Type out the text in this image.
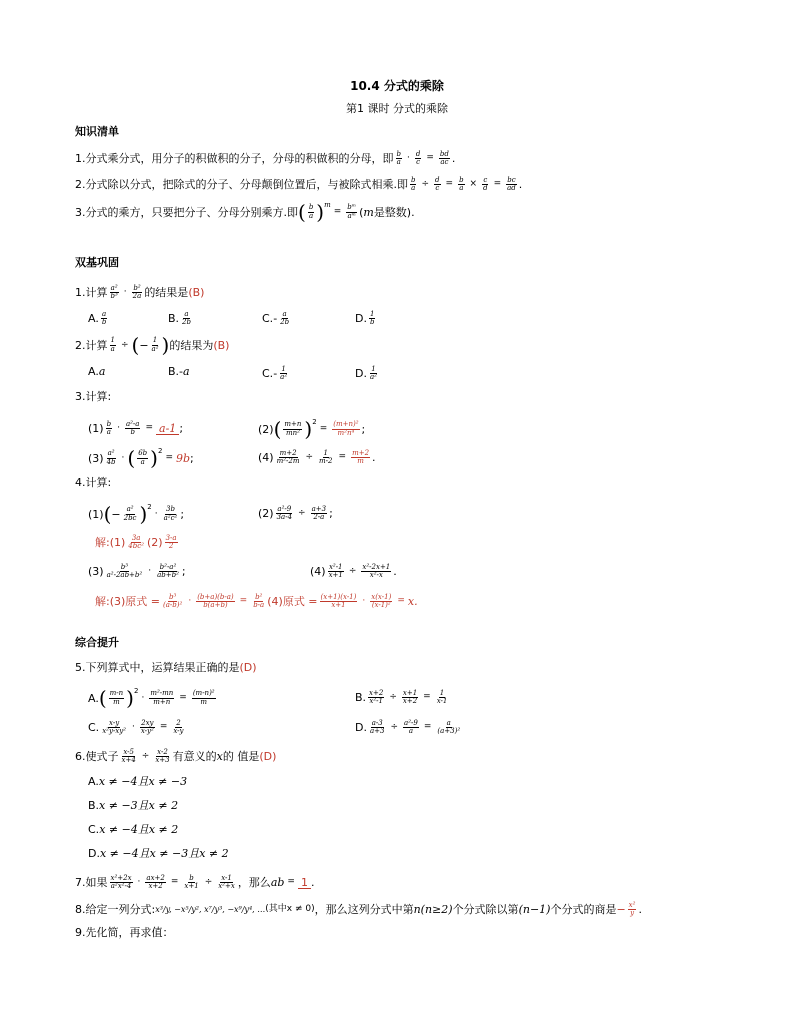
10.4 分式的乘除
第1 课时 分式的乘除
知识清单
1.分式乘分式，用分子的积做积的分子，分母的积做积的分母，即 b
$a \cdot \frac{d}{c} = \frac{bd}{ac}$ .
2.分式除以分式，把除式的分子、分母颠倒位置后，与被除式相乘.即 $\frac{b}{a} \div \frac{d}{c} = \frac{b}{a} \times \frac{c}{d} = \frac{bc}{ad}$ .
3.分式的乘方，只要把分子、分母分别乘方.即 ( b
a ) m
= $\frac{\text{bᵐ}}{\text{aᵐ}}$ ( m 是整数).
双基巩固
1.计算 a²
b³ · b²
2a 的结果是 (B)
A. a
b	B. a
2b	C. - a
2b	D. 1
b
2.计算 $\frac{1}{a}$ ÷ ( − $\frac{1}{\text{a²}}$ ) 的结果为 (B)
A. a	B. - a	C. - 1
a²	D. 1
a²
3.计算:
(1) b
$a \cdot \frac{\text{a²-a}}{b} = a-1$ ;	(2) ( m+n
mn² ) 2
= $\frac{\text{(m+n)²}}{\text{m²n⁴}}$ ;
(3) a²
4b · ( 6b
a ) 2
= 9b ;	$(4) \frac{m+2}{\text{m²-2m}} \div \frac{1}{m-2} = \frac{m+2}{m}$ .
4.计算:
(1) ( − $\frac{\text{a²}}{2bc}$ ) 2
· 3b
a²c² ;	$(2) \frac{\text{a²-9}}{3a-4} \div \frac{a+3}{2-a}$ ;
解:(1) 3a
4bc² (2) 3-a
2
(3) b³
a²-2ab+b² · b²-a²
ab+b² ;	$(4) \frac{\text{x²-1}}{x+1} \div \frac{\text{x²-2x+1}}{\text{x²-x}}$ .
解:(3)原式 = $\frac{\text{b³}}{\text{(a-b)²}} \cdot \frac{(b+a)(b-a)}{b(a+b)} = \frac{\text{b²}}{b-a} (4)$原式 = $\frac{(x+1)(x-1)}{x+1} \cdot \frac{x(x-1)}{\text{(x-1)²}} = x$.
综合提升
5.下列算式中，运算结果正确的是 (D)
A. ( m-n
m ) 2
· $\frac{\text{m²-mn}}{m+n} = \frac{\text{(m-n)²}}{m}$	B. $\frac{x+2}{\text{x²-1}} \div \frac{x+1}{x+2} = \frac{1}{x-1}$
C. x-y
$x^2y-xy^2 \cdot \frac{2xy}{\text{x-y²}} = \frac{2}{x-y}$	D. $\frac{a-3}{a+3} \div \frac{\text{a²-9}}{a} = \frac{a}{\text{(a+3)²}}$
6.使式子 $\frac{x-5}{x+4} \div \frac{x-2}{x+3}$ 有意义的 x 的 值是 (D)
A. x ≠ −4且x ≠ −3
B. x ≠ −3且x ≠ 2
C. x ≠ −4且x ≠ 2
D. x ≠ −4且x ≠ −3且x ≠ 2
7.如果 x²+2x
$a^2x^2-4 \cdot \frac{ax+2}{x+2} = \frac{b}{x+1} \div \frac{x-1}{\text{x²+x}}$ ，那么 ab = 1 .
8.给定一列分式: x³/y, −x⁵/y², x⁷/y³, −x⁹/y⁴, … (其中x ≠ 0) ，那么这列分式中第 n(n≥2) 个分式除以第 (n−1) 个分式的商是 − $\frac{\text{x²}}{y}$ .
9.先化简，再求值：
